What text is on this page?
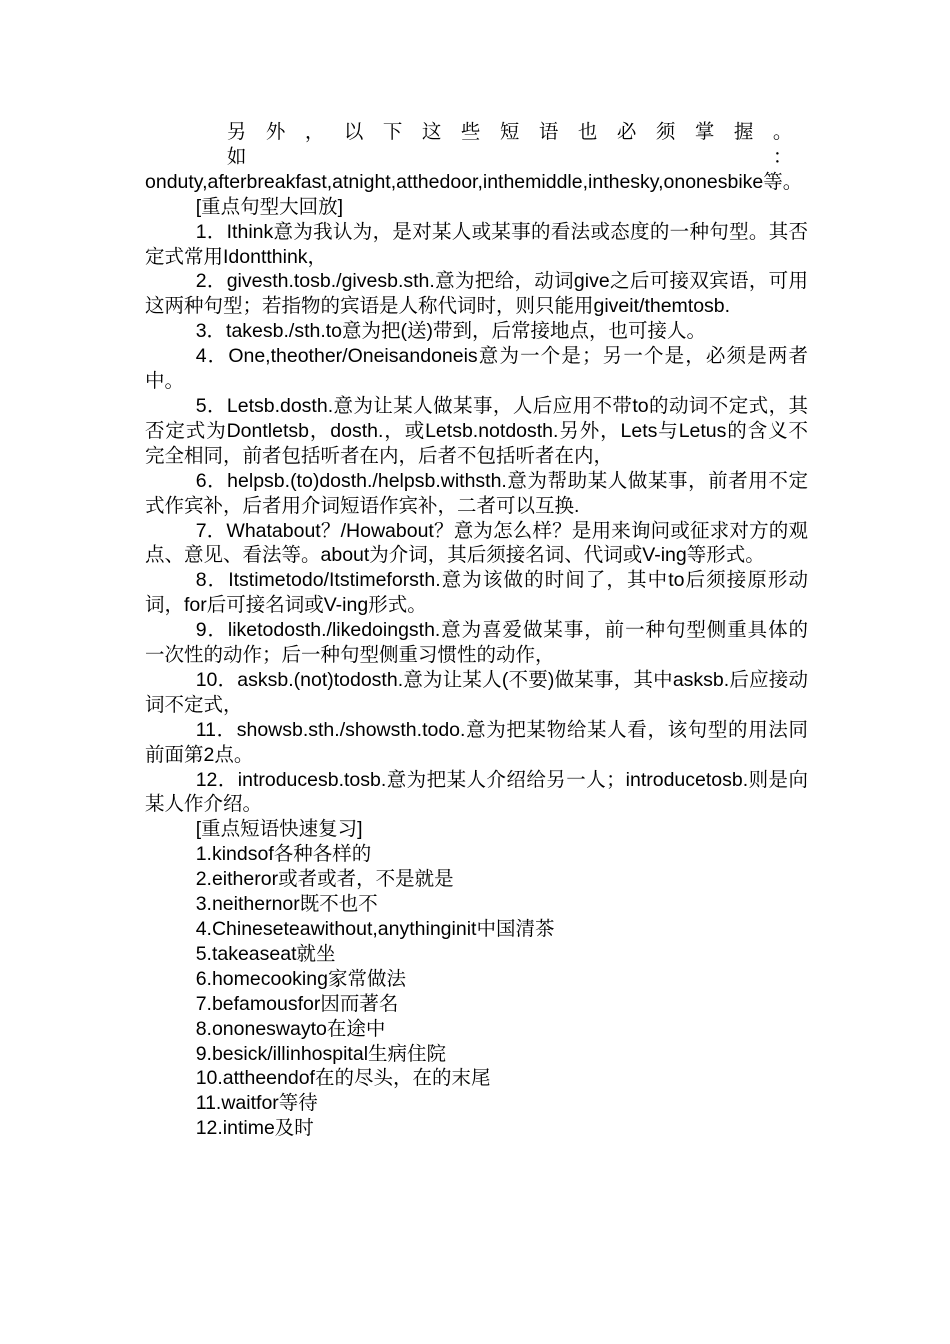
另外，以下这些短语也必须掌握。如：
onduty,afterbreakfast,atnight,atthedoor,inthemiddle,inthesky,ononesbike等。

[重点句型大回放]

1．Ithink意为我认为，是对某人或某事的看法或态度的一种句型。其否定式常用Idontthink，

2．givesth.tosb./givesb.sth.意为把给，动词give之后可接双宾语，可用这两种句型；若指物的宾语是人称代词时，则只能用giveit/themtosb.

3．takesb./sth.to意为把(送)带到，后常接地点，也可接人。

4．One,theother/Oneisandoneis意为一个是；另一个是，必须是两者中。

5．Letsb.dosth.意为让某人做某事，人后应用不带to的动词不定式，其否定式为Dontletsb，dosth.，或Letsb.notdosth.另外，Lets与Letus的含义不完全相同，前者包括听者在内，后者不包括听者在内，

6．helpsb.(to)dosth./helpsb.withsth.意为帮助某人做某事，前者用不定式作宾补，后者用介词短语作宾补，二者可以互换.

7．Whatabout？/Howabout？意为怎么样？是用来询问或征求对方的观点、意见、看法等。about为介词，其后须接名词、代词或V-ing等形式。

8．Itstimetodo/Itstimeforsth.意为该做的时间了，其中to后须接原形动词，for后可接名词或V-ing形式。

9．liketodosth./likedoingsth.意为喜爱做某事，前一种句型侧重具体的一次性的动作；后一种句型侧重习惯性的动作，

10．asksb.(not)todosth.意为让某人(不要)做某事，其中asksb.后应接动词不定式，

11．showsb.sth./showsth.todo.意为把某物给某人看，该句型的用法同前面第2点。

12．introducesb.tosb.意为把某人介绍给另一人；introducetosb.则是向某人作介绍。

[重点短语快速复习]

1.kindsof各种各样的

2.eitheror或者或者，不是就是

3.neithernor既不也不

4.Chineseteawithout,anythinginit中国清茶

5.takeaseat就坐

6.homecooking家常做法

7.befamousfor因而著名

8.ononeswayto在途中

9.besick/illinhospital生病住院

10.attheendof在的尽头，在的末尾

11.waitfor等待

12.intime及时
